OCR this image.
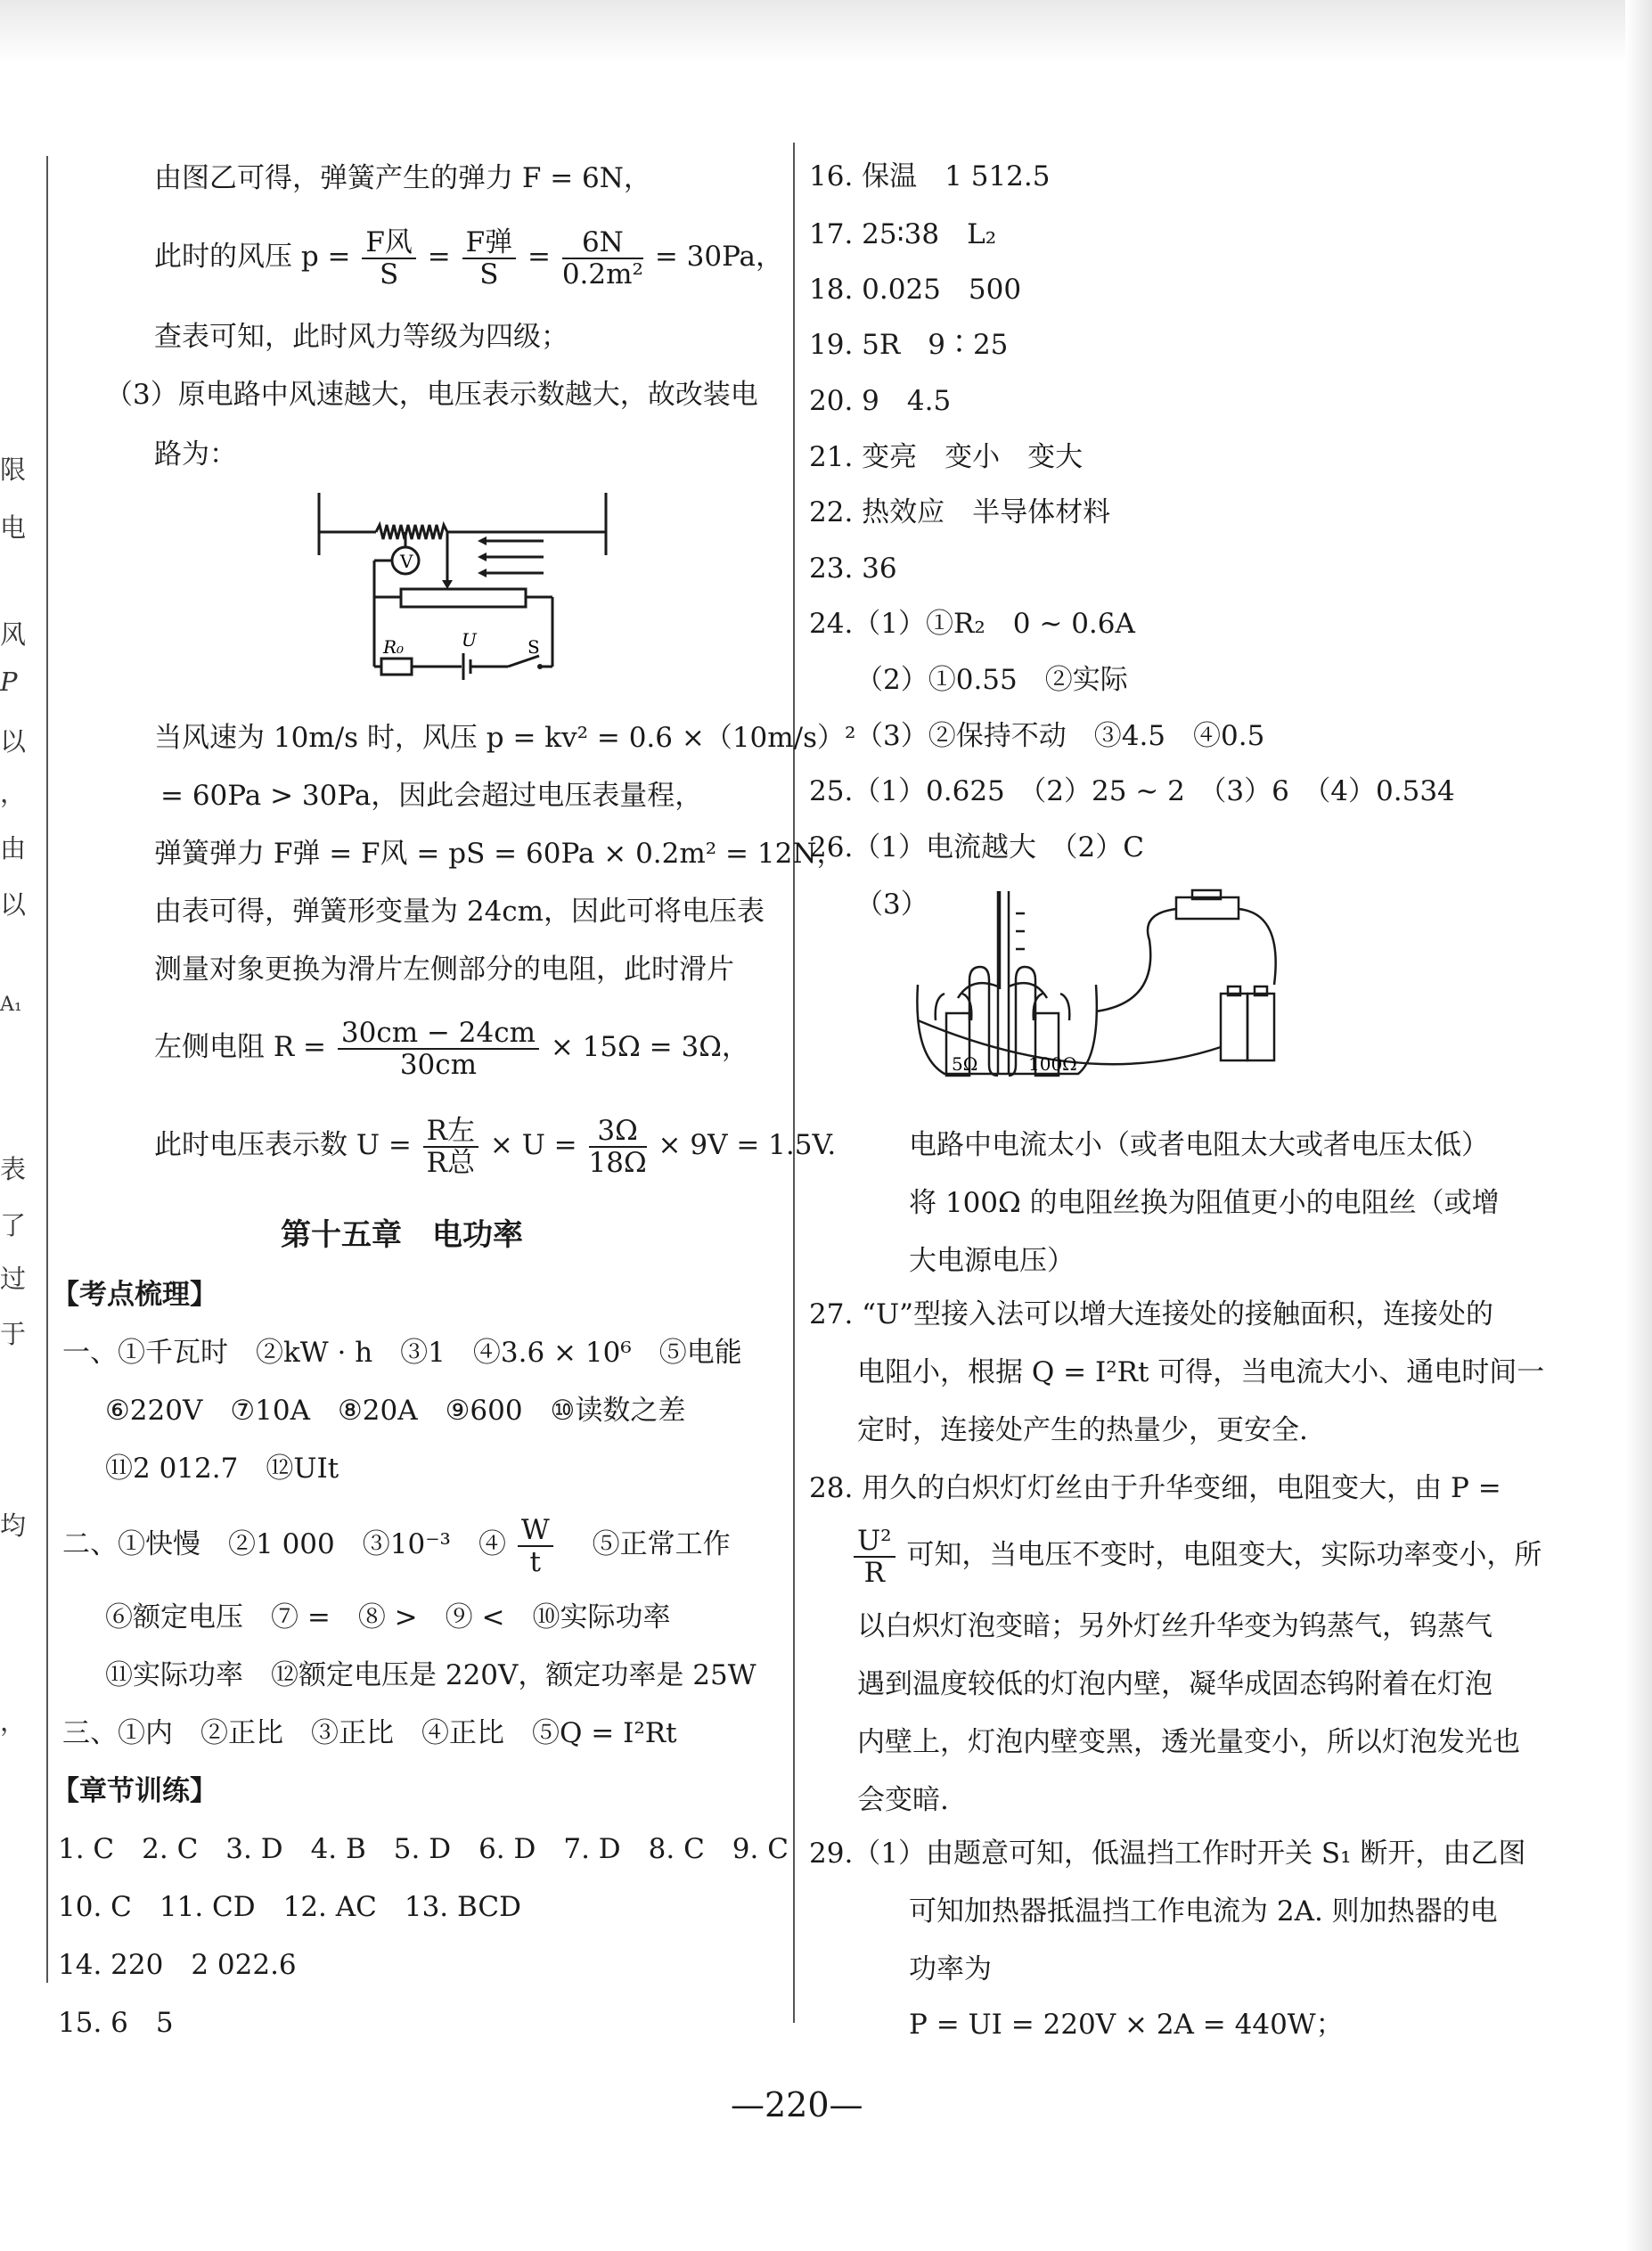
限
电
风
P
以
，
由
以
A₁
表
了
过
于
均
，
由图乙可得，弹簧产生的弹力 F = 6N，
此时的风压 $p = \frac{\text{F风}}{S} = \frac{\text{F弹}}{S} = \frac{6N}{\text{0.2m²}} = 30Pa$，
查表可知，此时风力等级为四级；
（3）原电路中风速越大，电压表示数越大，故改装电
路为：
V
R₀	U	S
当风速为 10m/s 时，风压 p = kv² = 0.6 ×（10m/s）²
= 60Pa > 30Pa，因此会超过电压表量程，
弹簧弹力 F弹 = F风 = pS = 60Pa × 0.2m² = 12N，
由表可得，弹簧形变量为 24cm，因此可将电压表
测量对象更换为滑片左侧部分的电阻，此时滑片
左侧电阻 $R = \frac{30cm - 24cm}{30cm} \times 15\Omega = 3\Omega$，
此时电压表示数 $U = \frac{\text{R左}}{\text{R总}} \times U = \frac{3\Omega}{18\Omega} \times 9V = 1.5V$.
第十五章　电功率
【考点梳理】
一、①千瓦时　②kW · h　③1　④3.6 × 10⁶　⑤电能
⑥220V　⑦10A　⑧20A　⑨600　⑩读数之差
⑪2 012.7　⑫UIt
二、①快慢　②1 000　③10⁻³　④ $\frac{W}{t}$ 　⑤正常工作
⑥额定电压　⑦ =　⑧ >　⑨ <　⑩实际功率
⑪实际功率　⑫额定电压是 220V，额定功率是 25W
三、①内　②正比　③正比　④正比　⑤Q = I²Rt
【章节训练】
1. C　2. C　3. D　4. B　5. D　6. D　7. D　8. C　9. C
10. C　11. CD　12. AC　13. BCD
14. 220　2 022.6
15. 6　5
16. 保温　1 512.5
17. 25∶38　L₂
18. 0.025　500
19. 5R　9∶25
20. 9　4.5
21. 变亮　变小　变大
22. 热效应　半导体材料
23. 36
24.（1）①R₂　0 ~ 0.6A
（2）①0.55　②实际
（3）②保持不动　③4.5　④0.5
25.（1）0.625　（2）25 ~ 2　（3）6　（4）0.534
26.（1）电流越大　（2）C
（3）
5Ω	100Ω
电路中电流太小（或者电阻太大或者电压太低）
将 100Ω 的电阻丝换为阻值更小的电阻丝（或增
大电源电压）
27. “U”型接入法可以增大连接处的接触面积，连接处的
电阻小，根据 Q = I²Rt 可得，当电流大小、通电时间一
定时，连接处产生的热量少，更安全.
28. 用久的白炽灯灯丝由于升华变细，电阻变大，由 P =
$\frac{\text{U²}}{R}$ 可知，当电压不变时，电阻变大，实际功率变小，所
以白炽灯泡变暗；另外灯丝升华变为钨蒸气，钨蒸气
遇到温度较低的灯泡内壁，凝华成固态钨附着在灯泡
内壁上，灯泡内壁变黑，透光量变小，所以灯泡发光也
会变暗.
29.（1）由题意可知，低温挡工作时开关 S₁ 断开，由乙图
可知加热器抵温挡工作电流为 2A. 则加热器的电
功率为
P = UI = 220V × 2A = 440W；
—220—
